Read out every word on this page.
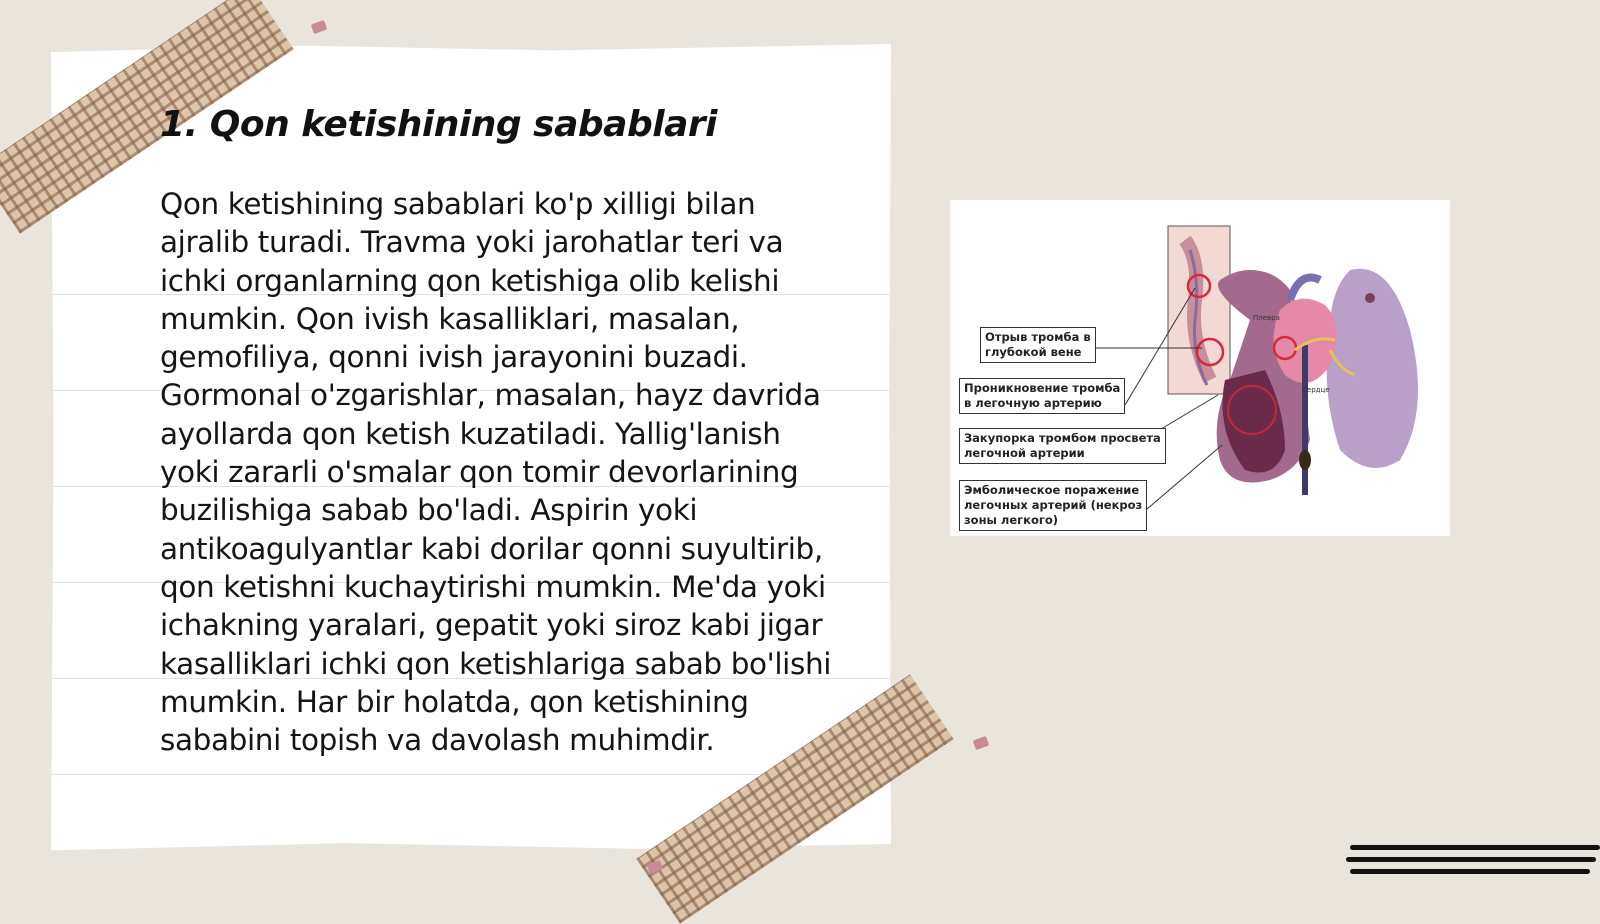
1. Qon ketishining sabablari

Qon ketishining sabablari ko'p xilligi bilan ajralib turadi. Travma yoki jarohatlar teri va ichki organlarning qon ketishiga olib kelishi mumkin. Qon ivish kasalliklari, masalan, gemofiliya, qonni ivish jarayonini buzadi. Gormonal o'zgarishlar, masalan, hayz davrida ayollarda qon ketish kuzatiladi. Yallig'lanish yoki zararli o'smalar qon tomir devorlarining buzilishiga sabab bo'ladi. Aspirin yoki antikoagulyantlar kabi dorilar qonni suyultirib, qon ketishni kuchaytirishi mumkin. Me'da yoki ichakning yaralari, gepatit yoki siroz kabi jigar kasalliklari ichki qon ketishlariga sabab bo'lishi mumkin. Har bir holatda, qon ketishining sababini topish va davolash muhimdir.

Плевра
Сердце
Отрыв тромба в
глубокой вене
Проникновение тромба
в легочную артерию
Закупорка тромбом просвета
легочной артерии
Эмболическое поражение
легочных артерий (некроз
зоны легкого)
